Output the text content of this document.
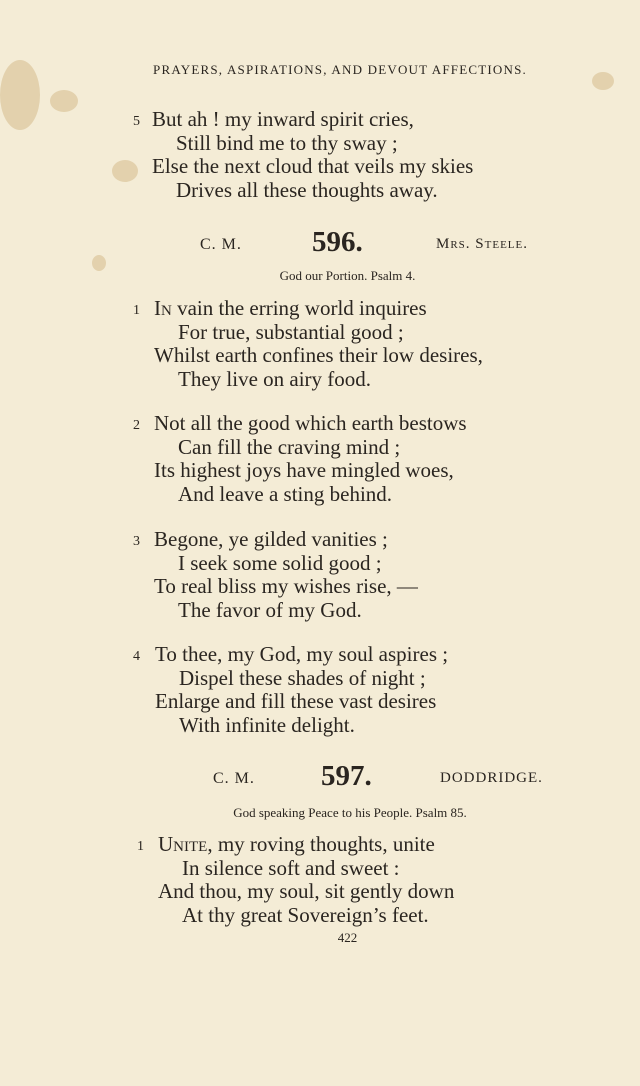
PRAYERS, ASPIRATIONS, AND DEVOUT AFFECTIONS.
5 But ah ! my inward spirit cries,
Still bind me to thy sway ;
Else the next cloud that veils my skies
Drives all these thoughts away.
C. M. 596.	Mrs. Steele.
God our Portion. Psalm 4.
1 In vain the erring world inquires
For true, substantial good ;
Whilst earth confines their low desires,
They live on airy food.
2 Not all the good which earth bestows
Can fill the craving mind ;
Its highest joys have mingled woes,
And leave a sting behind.
3 Begone, ye gilded vanities ;
I seek some solid good ;
To real bliss my wishes rise, —
The favor of my God.
4 To thee, my God, my soul aspires ;
Dispel these shades of night ;
Enlarge and fill these vast desires
With infinite delight.
C. M. 597.	DODDRIDGE.
God speaking Peace to his People. Psalm 85.
1 Unite, my roving thoughts, unite
In silence soft and sweet :
And thou, my soul, sit gently down
At thy great Sovereign’s feet.
422
